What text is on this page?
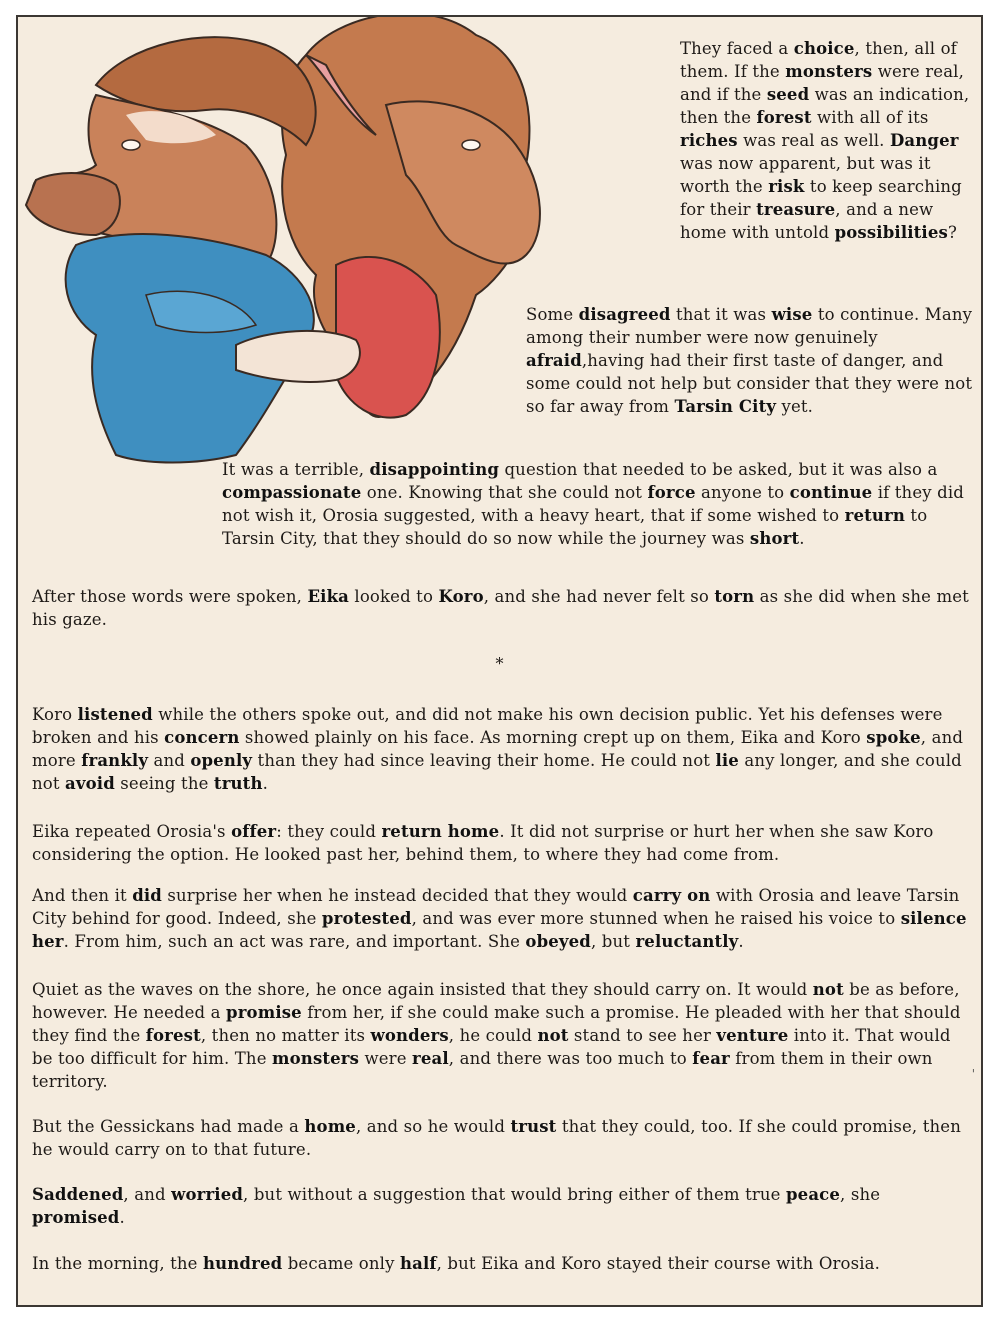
They faced a choice, then, all of them. If the monsters were real, and if the seed was an indication, then the forest with all of its riches was real as well. Danger was now apparent, but was it worth the risk to keep searching for their treasure, and a new home with untold possibilities?

Some disagreed that it was wise to continue. Many among their number were now genuinely afraid,having had their first taste of danger, and some could not help but consider that they were not so far away from Tarsin City yet.

It was a terrible, disappointing question that needed to be asked, but it was also a compassionate one. Knowing that she could not force anyone to continue if they did not wish it, Orosia suggested, with a heavy heart, that if some wished to return to Tarsin City, that they should do so now while the journey was short.

After those words were spoken, Eika looked to Koro, and she had never felt so torn as she did when she met his gaze.

*

Koro listened while the others spoke out, and did not make his own decision public. Yet his defenses were broken and his concern showed plainly on his face. As morning crept up on them, Eika and Koro spoke, and more frankly and openly than they had since leaving their home. He could not lie any longer, and she could not avoid seeing the truth.

Eika repeated Orosia's offer: they could return home. It did not surprise or hurt her when she saw Koro considering the option. He looked past her, behind them, to where they had come from.

And then it did surprise her when he instead decided that they would carry on with Orosia and leave Tarsin City behind for good. Indeed, she protested, and was ever more stunned when he raised his voice to silence her. From him, such an act was rare, and important. She obeyed, but reluctantly.

Quiet as the waves on the shore, he once again insisted that they should carry on. It would not be as before, however. He needed a promise from her, if she could make such a promise. He pleaded with her that should they find the forest, then no matter its wonders, he could not stand to see her venture into it. That would be too difficult for him. The monsters were real, and there was too much to fear from them in their own territory.

But the Gessickans had made a home, and so he would trust that they could, too. If she could promise, then he would carry on to that future.

Saddened, and worried, but without a suggestion that would bring either of them true peace, she promised.

In the morning, the hundred became only half, but Eika and Koro stayed their course with Orosia.

'
